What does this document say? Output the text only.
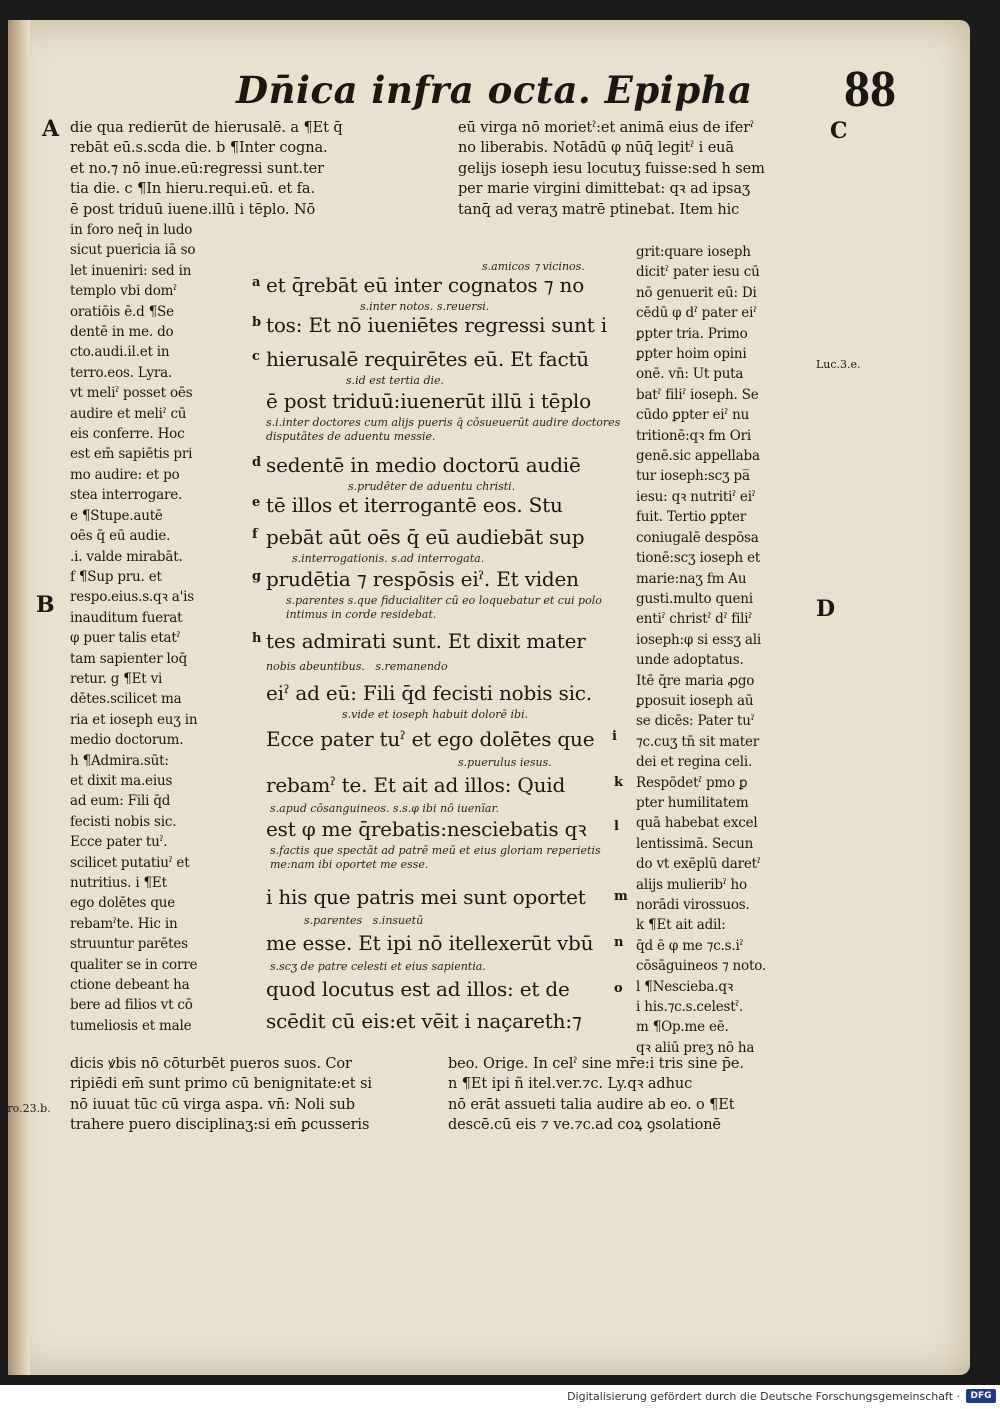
Dn̄ica infra octa. Epipha 88
A
B
C
D
die qua redierūt de hierusalē. a ¶Et q̄
rebāt eū.s.scda die. b ¶Inter cogna.
et no.⁊ nō inue.eū:regressi sunt.ter
tia die. c ¶In hieru.requi.eū. et fa.
ē post triduū iuene.illū i tēplo. Nō
eū virga nō morietˀ:et animā eius de iferˀ
no liberabis. Notādū φ nūq̄ legitˀ i euā
gelijs ioseph iesu locutuʒ fuisse:sed h sem
per marie virgini dimittebat: qꝛ ad ipsaʒ
tanq̄ ad veraʒ matrē ptinebat. Item hic
in foro neq̄ in ludo
sicut puericia iā so
let inueniri: sed in
templo vbi domˀ
oratiōis ē.d ¶Se
dentē in me. do
cto.audi.il.et in
terro.eos. Lyra.
vt meliˀ posset oēs
audire et meliˀ cū
eis conferre. Hoc
est em̄ sapiētis pri
mo audire: et po
stea interrogare.
e ¶Stupe.autē
oēs q̄ eū audie.
.i. valde mirabāt.
f ¶Sup pru. et
respo.eius.s.qꝛ a'is
inauditum fuerat
φ puer talis etatˀ
tam sapienter loq̄
retur. g ¶Et vi
dētes.scilicet ma
ria et ioseph euʒ in
medio doctorum.
h ¶Admira.sūt:
et dixit ma.eius
ad eum: Fili q̄d
fecisti nobis sic.
Ecce pater tuˀ.
scilicet putatiuˀ et
nutritius. i ¶Et
ego dolētes que
rebamˀte. Hic in
struuntur parētes
qualiter se in corre
ctione debeant ha
bere ad filios vt cō
tumeliosis et male
grit:quare ioseph
dicitˀ pater iesu cū
nō genuerit eū: Di
cēdū φ dˀ pater eiˀ
ꝑpter tria. Primo
ꝑpter hoim opini
onē. vn̄: Ut puta
batˀ filiˀ ioseph. Se
cūdo ꝑpter eiˀ nu
tritionē:qꝛ fm Ori
genē.sic appellaba
tur ioseph:scʒ pa̅
iesu: qꝛ nutritiˀ eiˀ
fuit. Tertio ꝑpter
coniugalē despōsa
tionē:scʒ ioseph et
marie:naʒ fm Au
gusti.multo queni
entiˀ christˀ dˀ filiˀ
ioseph:φ si essʒ ali
unde adoptatus.
Itē q̄re maria ꝓgo
ꝑposuit ioseph aū
se dicēs: Pater tuˀ
⁊c.cuʒ tn̄ sit mater
dei et regina celi.
Respōdetˀ pmo ꝑ
pter humilitatem
quā habebat excel
lentissimā. Secun
do vt exēplū daretˀ
alijs mulieribˀ ho
norādi virossuos.
k ¶Et ait adil:
q̄d ē φ me ⁊c.s.iˀ
cōsāguineos ⁊ noto.
l ¶Nesciebа.qꝛ
i his.⁊c.s.celestˀ.
m ¶Op.me eē.
qꝛ aliū preʒ nō ha
Luc.3.e.
Pro.23.b.
s.amicos ⁊ vicinos.
a et q̄rebāt eū inter cognatos ⁊ no
s.inter notos. s.reuersi.
b tos: Et nō iueniētes regressi sunt i
c hierusalē requirētes eū. Et factū
s.id est tertia die.
ē post triduū:iuenerūt illū i tēplo
s.i.inter doctores cum alijs pueris q̄ cōsueuerūt audire doctores disputātes de aduentu messie.
d sedentē in medio doctorū audiē
s.prudēter de aduentu christi.
e tē illos et iterrogantē eos. Stu
f pebāt aūt oēs q̄ eū audiebāt sup
s.interrogationis. s.ad interrogata.
g prudētia ⁊ respōsis eiˀ. Et viden
s.parentes s.que fiducialiter cū eo loquebatur et cui polo intimus in corde residebat.
h tes admirati sunt. Et dixit mater
nobis abeuntibus.   s.remanendo
eiˀ ad eū: Fili q̄d fecisti nobis sic.
s.vide et ioseph habuit dolorē ibi.
i
Ecce pater tuˀ et ego dolētes que
s.puerulus iesus.
k
rebamˀ te. Et ait ad illos: Quid
s.apud cōsanguineos. s.s.φ ibi nō iuenīar.
l
est φ me q̄rebatis:nesciebatis qꝛ
s.factis que spectāt ad patrē meū et eius gloriam reperietis me:nam ibi oportet me esse.
m
i his que patris mei sunt oportet
s.parentes   s.insuetū
n
me esse. Et ipi nō itellexerūt vbū
s.scʒ de patre celesti et eius sapientia.
o
quod locutus est ad illos: et de
scēdit cū eis:et vēit i naçareth:⁊
dicis ꝟbis nō cōturbēt pueros suos. Cor
ripiēdi em̄ sunt primo cū benignitate:et si
nō iuuat tūc cū virga aspa. vn̄: Noli sub
trahere puero disciplinaʒ:si em̄ ꝑcusseris
beo. Orige. In celˀ sine mr̄e:i tris sine p̄e.
n ¶Et ipi ñ itel.ver.⁊c. Ly.qꝛ adhuc
nō erāt assueti talia audire ab eo. o ¶Et
descē.cū eis ⁊ ve.⁊c.ad coꝝ ꝯsolationē
Digitalisierung gefördert durch die Deutsche Forschungsgemeinschaft ·	DFG
